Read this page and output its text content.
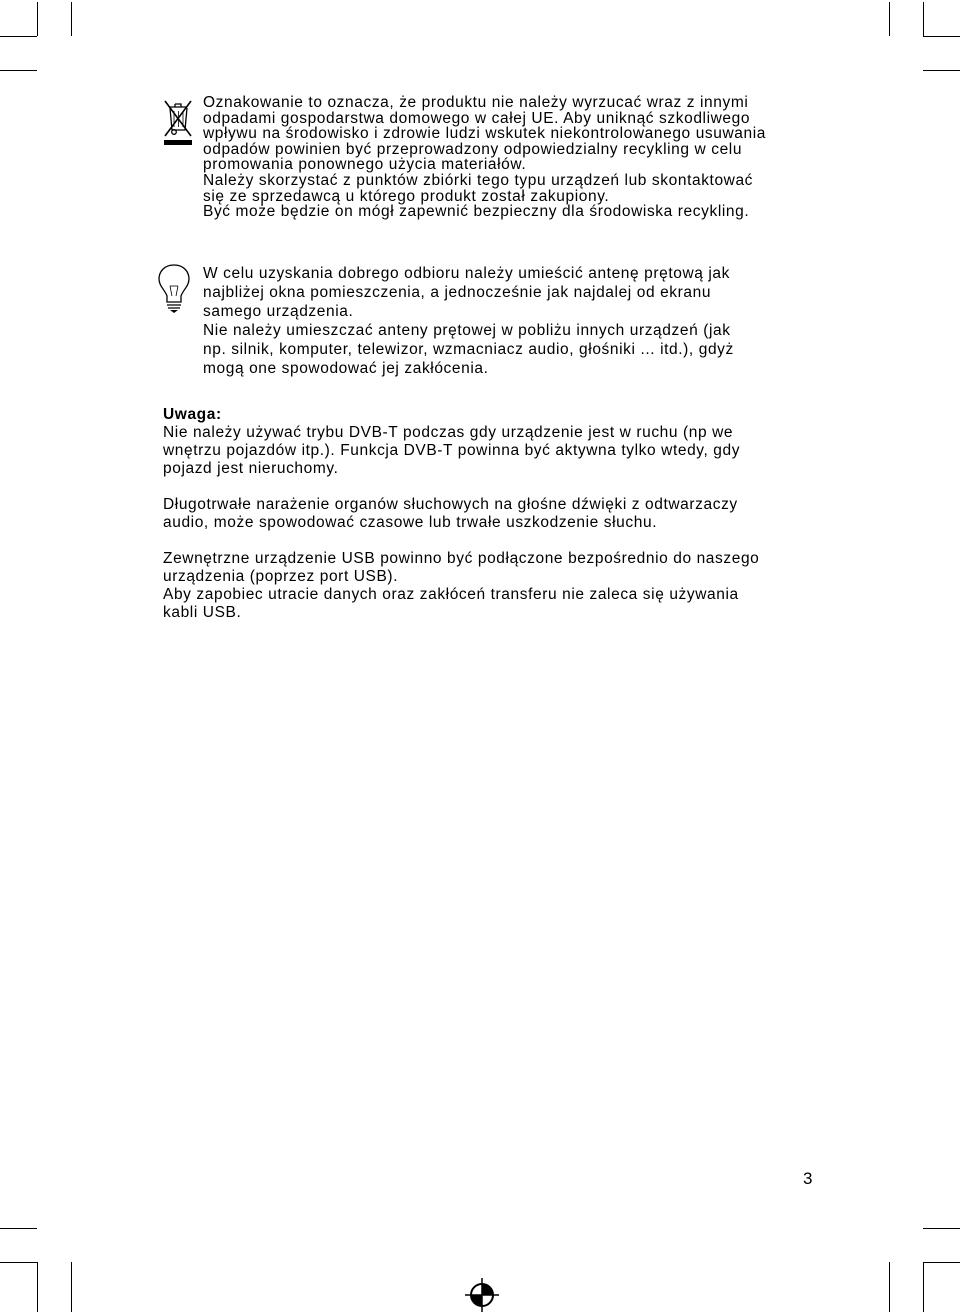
Oznakowanie to oznacza, że produktu nie należy wyrzucać wraz z innymi
odpadami gospodarstwa domowego w całej UE. Aby uniknąć szkodliwego
wpływu na środowisko i zdrowie ludzi wskutek niekontrolowanego usuwania
odpadów powinien być przeprowadzony odpowiedzialny recykling w celu
promowania ponownego użycia materiałów.
Należy skorzystać z punktów zbiórki tego typu urządzeń lub skontaktować
się ze sprzedawcą u którego produkt został zakupiony.
Być może będzie on mógł zapewnić bezpieczny dla środowiska recykling.
W celu uzyskania dobrego odbioru należy umieścić antenę prętową jak
najbliżej okna pomieszczenia, a jednocześnie jak najdalej od ekranu
samego urządzenia.
Nie należy umieszczać anteny prętowej w pobliżu innych urządzeń (jak
np. silnik, komputer, telewizor, wzmacniacz audio, głośniki ... itd.), gdyż
mogą one spowodować jej zakłócenia.
Uwaga:
Nie należy używać trybu DVB-T podczas gdy urządzenie jest w ruchu (np we
wnętrzu pojazdów itp.). Funkcja DVB-T powinna być aktywna tylko wtedy, gdy
pojazd jest nieruchomy.
Długotrwałe narażenie organów słuchowych na głośne dźwięki z odtwarzaczy
audio, może spowodować czasowe lub trwałe uszkodzenie słuchu.
Zewnętrzne urządzenie USB powinno być podłączone bezpośrednio do naszego
urządzenia (poprzez port USB).
Aby zapobiec utracie danych oraz zakłóceń transferu nie zaleca się używania
kabli USB.
3
